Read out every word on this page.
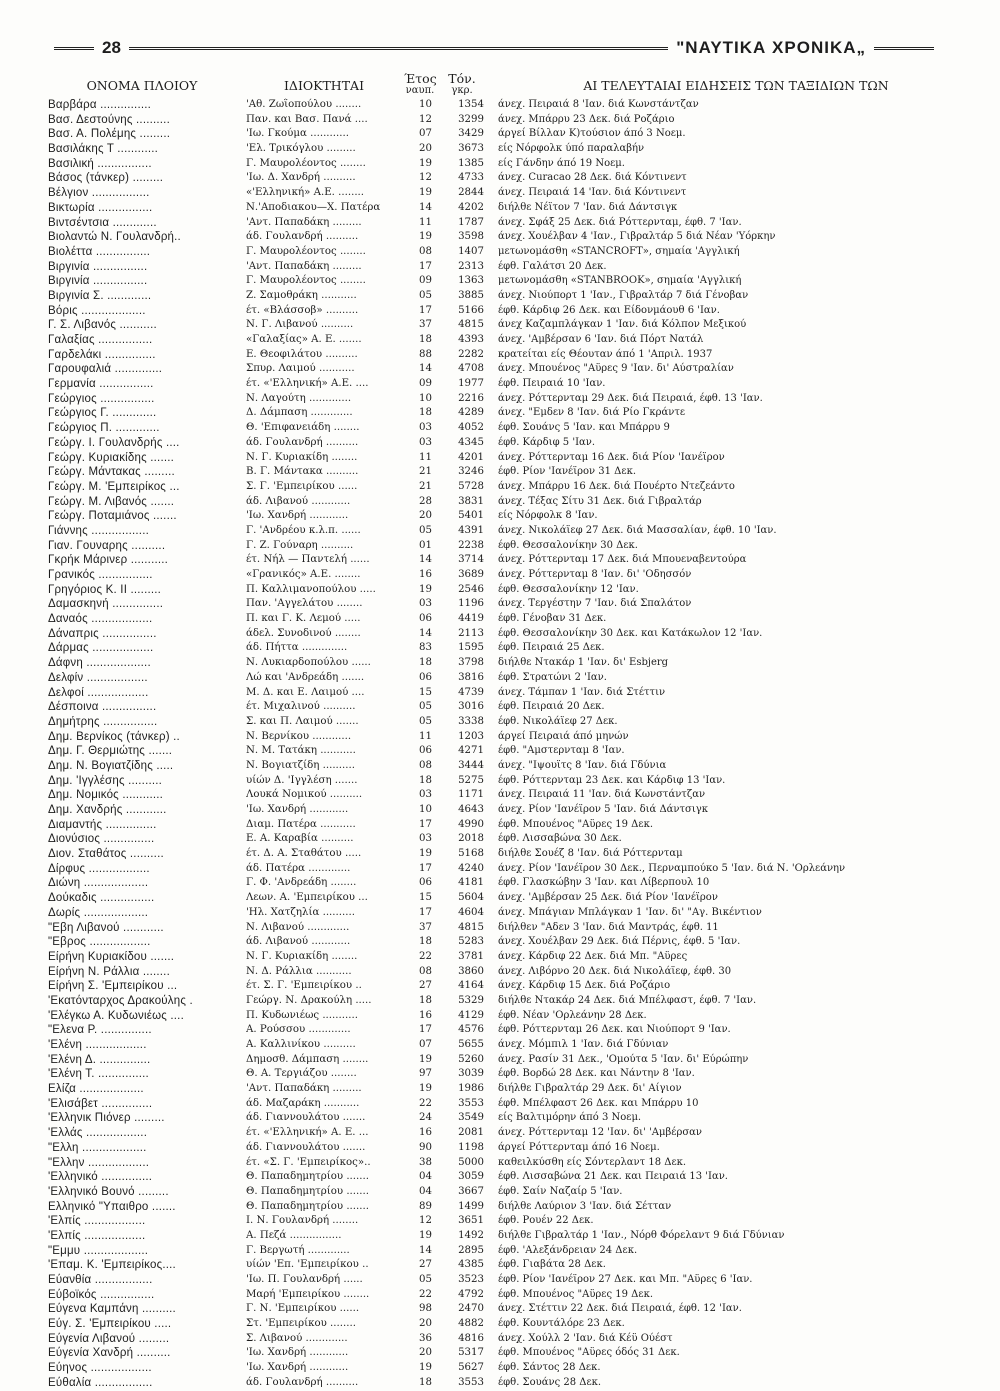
28	"ΝΑΥΤΙΚΑ ΧΡΟΝΙΚΑ„
ΟΝΟΜΑ ΠΛΟΙΟΥ	ΙΔΙΟΚΤΗΤΑΙ	Έτος
ναυπ.
Τόν.
γκρ.	ΑΙ ΤΕΛΕΥΤΑΙΑΙ ΕΙΔΗΣΕΙΣ ΤΩΝ ΤΑΞΙΔΙΩΝ ΤΩΝ
Βαρβάρα ...............	'Αθ. Ζωΐοπούλου ........	10	1354 άνεχ. Πειραιά 8 'Ιαν. διά Κωνστάντζαν
Βασ. Δεστούνης ..........	Παν. και Βασ. Πανά ....	12	3299 άνεχ. Μπάρρυ 23 Δεκ. διά Ροζάριο
Βασ. Α. Πολέμης .........	'Ιω. Γκούμα ............	07	3429 άργεί Βίλλαν Κ)τούσιον άπό 3 Νοεμ.
Βασιλάκης Τ ............	'Ελ. Τρικόγλου .........	20	3673 είς Νόρφολκ ύπό παραλαβήν
Βασιλική ................	Γ. Μαυρολέοντος ........	19	1385 είς Γάνδην άπό 19 Νοεμ.
Βάσος (τάνκερ) .........	'Ιω. Δ. Χανδρή ..........	12	4733 άνεχ. Curacao 28 Δεκ. διά Κόντινεντ
Βέλγιον .................	«'Ελληνική» Α.Ε. ........	19	2844 άνεχ. Πειραιά 14 'Ιαν. διά Κόντινεντ
Βικτωρία ................	Ν.'Αποδιακου—Χ. Πατέρα	14	4202 διήλθε Νέϊτον 7 'Ιαν. διά Δάντσιγκ
Βιντσέντσια .............	'Αντ. Παπαδάκη .........	11	1787 άνεχ. Σφάξ 25 Δεκ. διά Ρόττερνταμ, έφθ. 7 'Ιαν.
Βιολαντώ Ν. Γουλανδρή..	άδ. Γουλανδρή ..........	19	3598 άνεχ. Χουέλβαν 4 'Ιαν., Γιβραλτάρ 5 διά Νέαν 'Υόρκην
Βιολέττα ................	Γ. Μαυρολέοντος ........	08	1407 μετωνομάσθη «STANCROFT», σημαία 'Αγγλική
Βιργινία ................	'Αντ. Παπαδάκη .........	17	2313 έφθ. Γαλάτσι 20 Δεκ.
Βιργινία ................	Γ. Μαυρολέοντος ........	09	1363 μετωνομάσθη «STANBROOK», σημαία 'Αγγλική
Βιργινία Σ. .............	Ζ. Σαμοθράκη ...........	05	3885 άνεχ. Νιούπορτ 1 'Ιαν., Γιβραλτάρ 7 διά Γένοβαν
Βόρις ...................	έτ. «Βλάσσοβ» ..........	17	5166 έφθ. Κάρδιφ 26 Δεκ. και Είδονμάουθ 6 'Ιαν.
Γ. Σ. Λιβανός ...........	Ν. Γ. Λιβανού ..........	37	4815 άνεχ Καζαμπλάγκαν 1 'Ιαν. διά Κόλπον Μεξικού
Γαλαξίας ................	«Γαλαξίας» Α. Ε. .......	18	4393 άνεχ. 'Αμβέρσαν 6 'Ιαν. διά Πόρτ Νατάλ
Γαρδελάκι ...............	Ε. Θεοφιλάτου ..........	88	2282 κρατείται είς Θέουταν άπό 1 'Απριλ. 1937
Γαρουφαλιά ..............	Σπυρ. Λαιμού ...........	14	4708 άνεχ. Μπουένος "Αϋρες 9 'Ιαν. δι' Αύστραλίαν
Γερμανία ................	έτ. «'Ελληνική» Α.Ε. ....	09	1977 έφθ. Πειραιά 10 'Ιαν.
Γεώργιος ................	Ν. Λαγούτη .............	10	2216 άνεχ. Ρόττερνταμ 29 Δεκ. διά Πειραιά, έφθ. 13 'Ιαν.
Γεώργιος Γ. .............	Δ. Δάμπαση .............	18	4289 άνεχ. "Εμδεν 8 'Ιαν. διά Ρίο Γκράντε
Γεώργιος Π. .............	Θ. 'Επιφανειάδη ........	03	4052 έφθ. Σουάνς 5 'Ιαν. και Μπάρρυ 9
Γεώργ. Ι. Γουλανδρής ....	άδ. Γουλανδρή ..........	03	4345 έφθ. Κάρδιφ 5 'Ιαν.
Γεώργ. Κυριακίδης .......	Ν. Γ. Κυριακίδη ........	11	4201 άνεχ. Ρόττερνταμ 16 Δεκ. διά Ρίον 'Ιανέϊρον
Γεώργ. Μάντακας .........	Β. Γ. Μάντακα ..........	21	3246 έφθ. Ρίον 'Ιανέϊρον 31 Δεκ.
Γεώργ. Μ. 'Εμπειρίκος ...	Σ. Γ. 'Εμπειρίκου ......	21	5728 άνεχ. Μπάρρυ 16 Δεκ. διά Πουέρτο Ντεζεάντο
Γεώργ. Μ. Λιβανός .......	άδ. Λιβανού ............	28	3831 άνεχ. Τέξας Σίτυ 31 Δεκ. διά Γιβραλτάρ
Γεώργ. Ποταμιάνος .......	'Ιω. Χανδρή ............	20	5401 είς Νόρφολκ 8 'Ιαν.
Γιάννης .................	Γ. 'Ανδρέου κ.λ.π. ......	05	4391 άνεχ. Νικολάϊεφ 27 Δεκ. διά Μασσαλίαν, έφθ. 10 'Ιαν.
Γιαν. Γουναρης ..........	Γ. Ζ. Γούναρη ..........	01	2238 έφθ. Θεσσαλονίκην 30 Δεκ.
Γκρήκ Μάρινερ ...........	έτ. Νήλ — Παντελή ......	14	3714 άνεχ. Ρόττερνταμ 17 Δεκ. διά Μπουεναβεντούρα
Γρανικός ................	«Γρανικός» Α.Ε. ........	16	3689 άνεχ. Ρόττερνταμ 8 'Ιαν. δι' 'Οδησσόν
Γρηγόριος Κ. ΙΙ .........	Π. Καλλιμανοπούλου .....	19	2546 έφθ. Θεσσαλονίκην 12 'Ιαν.
Δαμασκηνή ...............	Παν. 'Αγγελάτου ........	03	1196 άνεχ. Τεργέστην 7 'Ιαν. διά Σπαλάτον
Δαναός ..................	Π. και Γ. Κ. Λεμού .....	06	4419 έφθ. Γένοβαν 31 Δεκ.
Δάναπρις ................	άδελ. Συνοδινού ........	14	2113 έφθ. Θεσσαλονίκην 30 Δεκ. και Κατάκωλον 12 'Ιαν.
Δάρμας ..................	άδ. Πήττα ..............	83	1595 έφθ. Πειραιά 25 Δεκ.
Δάφνη ...................	Ν. Λυκιαρδοπούλου ......	18	3798 διήλθε Ντακάρ 1 'Ιαν. δι' Esbjerg
Δελφίν ..................	Λώ και 'Ανδρεάδη .......	06	3816 έφθ. Στρατώνι 2 'Ιαν.
Δελφοί ..................	Μ. Δ. και Ε. Λαιμού ....	15	4739 άνεχ. Τάμπαν 1 'Ιαν. διά Στέττιν
Δέσποινα ................	έτ. Μιχαλινού ..........	05	3016 έφθ. Πειραιά 20 Δεκ.
Δημήτρης ................	Σ. και Π. Λαιμού .......	05	3338 έφθ. Νικολάϊεφ 27 Δεκ.
Δημ. Βερνίκος (τάνκερ) ..	Ν. Βερνίκου ............	11	1203 άργεί Πειραιά άπό μηνών
Δημ. Γ. Θερμιώτης .......	Ν. Μ. Τατάκη ...........	06	4271 έφθ. "Αμστερνταμ 8 'Ιαν.
Δημ. Ν. Βογιατζίδης .....	Ν. Βογιατζίδη ..........	08	3444 άνεχ. "Ιψουϊτς 8 'Ιαν. διά Γδύνια
Δημ. 'Ιγγλέσης ..........	υίών Δ. 'Ιγγλέση .......	18	5275 έφθ. Ρόττερνταμ 23 Δεκ. και Κάρδιφ 13 'Ιαν.
Δημ. Νομικός ............	Λουκά Νομικού ..........	03	1171 άνεχ. Πειραιά 11 'Ιαν. διά Κωνστάντζαν
Δημ. Χανδρής ............	'Ιω. Χανδρή ............	10	4643 άνεχ. Ρίον 'Ιανέϊρον 5 'Ιαν. διά Δάντσιγκ
Διαμαντής ...............	Διαμ. Πατέρα ...........	17	4990 έφθ. Μπουένος "Αϋρες 19 Δεκ.
Διονύσιος ...............	Ε. Α. Καραβία ..........	03	2018 έφθ. Λισσαβώνα 30 Δεκ.
Διον. Σταθάτος ..........	έτ. Δ. Α. Σταθάτου .....	19	5168 διήλθε Σουέζ 8 'Ιαν. διά Ρόττερνταμ
Δίρφυς ..................	άδ. Πατέρα .............	17	4240 άνεχ. Ρίον 'Ιανέϊρον 30 Δεκ., Περναμπούκο 5 'Ιαν. διά Ν. 'Ορλεάνην
Διώνη ...................	Γ. Φ. 'Ανδρεάδη ........	06	4181 έφθ. Γλασκώβην 3 'Ιαν. και Λίβερπουλ 10
Δούκαδις ................	Λεων. Α. 'Εμπειρίκου ...	15	5604 άνεχ. 'Αμβέρσαν 25 Δεκ. διά Ρίον 'Ιανέϊρον
Δωρίς ...................	'Ηλ. Χατζηλία ..........	17	4604 άνεχ. Μπάγιαν Μπλάγκαν 1 'Ιαν. δι' "Αγ. Βικέντιον
"Εβη Λιβανού ............	Ν. Λιβανού .............	37	4815 διήλθεν "Αδεν 3 'Ιαν. διά Μαντράς, έφθ. 11
"Εβρος ..................	άδ. Λιβανού ............	18	5283 άνεχ. Χουέλβαν 29 Δεκ. διά Πέρνις, έφθ. 5 'Ιαν.
Είρήνη Κυριακίδου .......	Ν. Γ. Κυριακίδη ........	22	3781 άνεχ. Κάρδιφ 22 Δεκ. διά Μπ. "Αϋρες
Είρήνη Ν. Ράλλια ........	Ν. Δ. Ράλλια ...........	08	3860 άνεχ. Λιβόρνο 20 Δεκ. διά Νικολάϊεφ, έφθ. 30
Είρήνη Σ. 'Εμπειρίκου ...	έτ. Σ. Γ. 'Εμπειρίκου ..	27	4164 άνεχ. Κάρδιφ 15 Δεκ. διά Ροζάριο
'Εκατόνταρχος Δρακούλης .	Γεώργ. Ν. Δρακούλη .....	18	5329 διήλθε Ντακάρ 24 Δεκ. διά Μπέλφαστ, έφθ. 7 'Ιαν.
'Ελέγκω Α. Κυδωνιέως ....	Π. Κυδωνιέως ...........	16	4129 έφθ. Νέαν 'Ορλεάνην 28 Δεκ.
"Ελενα Ρ. ...............	Α. Ρούσσου .............	17	4576 έφθ. Ρόττερνταμ 26 Δεκ. και Νιούπορτ 9 'Ιαν.
'Ελένη ..................	Α. Καλλινίκου ..........	07	5655 άνεχ. Μόμπιλ 1 'Ιαν. διά Γδύνιαν
'Ελένη Δ. ...............	Δημοσθ. Δάμπαση ........	19	5260 άνεχ. Ρασίν 31 Δεκ., 'Ομούτα 5 'Ιαν. δι' Εύρώπην
'Ελένη Τ. ...............	Θ. Α. Τεργιάζου ........	97	3039 έφθ. Βορδώ 28 Δεκ. και Νάντην 8 'Ιαν.
Ελίζα ...................	'Αντ. Παπαδάκη .........	19	1986 διήλθε Γιβραλτάρ 29 Δεκ. δι' Αίγιον
'Ελισάβετ ...............	άδ. Μαζαράκη ...........	22	3553 έφθ. Μπέλφαστ 26 Δεκ. και Μπάρρυ 10
'Ελληνικ Πιόνερ .........	άδ. Γιαννουλάτου .......	24	3549 είς Βαλτιμόρην άπό 3 Νοεμ.
'Ελλάς ..................	έτ. «'Ελληνική» Α. Ε. ...	16	2081 άνεχ. Ρόττερνταμ 12 'Ιαν. δι' 'Αμβέρσαν
"Ελλη ...................	άδ. Γιαννουλάτου .......	90	1198 άργεί Ρόττερνταμ άπό 16 Νοεμ.
"Ελλην ..................	έτ. «Σ. Γ. 'Εμπειρίκος»..	38	5000 καθειλκύσθη είς Σόντερλαντ 18 Δεκ.
'Ελληνικό ...............	Θ. Παπαδημητρίου .......	04	3059 έφθ. Λισσαβώνα 21 Δεκ. και Πειραιά 13 'Ιαν.
'Ελληνικό Βουνό .........	Θ. Παπαδημητρίου .......	04	3667 έφθ. Σαίν Ναζαίρ 5 'Ιαν.
Ελληνικό "Υπαιθρο .......	Θ. Παπαδημητρίου .......	89	1499 διήλθε Λαύριον 3 'Ιαν. διά Σέτταν
'Ελπίς ..................	Ι. Ν. Γουλανδρή ........	12	3651 έφθ. Ρουέν 22 Δεκ.
'Ελπίς ..................	Α. Πεζά ................	19	1492 διήλθε Γιβραλτάρ 1 'Ιαν., Νόρθ Φόρελαντ 9 διά Γδύνιαν
"Εμμυ ...................	Γ. Βεργωτή .............	14	2895 έφθ. 'Αλεξάνδρειαν 24 Δεκ.
'Επαμ. Κ. 'Εμπειρίκος....	υίών 'Επ. 'Εμπειρίκου ..	27	4385 έφθ. Γιαβάτα 28 Δεκ.
Εύανθία .................	'Ιω. Π. Γουλανδρή ......	05	3523 έφθ. Ρίον 'Ιανέϊρον 27 Δεκ. και Μπ. "Αϋρες 6 'Ιαν.
Εύβοϊκός ................	Μαρή 'Εμπειρίκου ........	22	4792 έφθ. Μπουένος "Αϋρες 19 Δεκ.
Εύγενα Καμπάνη ..........	Γ. Ν. 'Εμπειρίκου ......	98	2470 άνεχ. Στέττιν 22 Δεκ. διά Πειραιά, έφθ. 12 'Ιαν.
Εύγ. Σ. 'Εμπειρίκου .....	Στ. 'Εμπειρίκου ........	20	4882 έφθ. Κουντάλόρε 23 Δεκ.
Εύγενία Λιβανού .........	Σ. Λιβανού .............	36	4816 άνεχ. Χούλλ 2 'Ιαν. διά Κέϋ Ούέστ
Εύγενία Χανδρή ..........	'Ιω. Χανδρή ............	20	5317 έφθ. Μπουένος "Αϋρες όδός 31 Δεκ.
Εύηνος ..................	'Ιω. Χανδρή ............	19	5627 έφθ. Σάντος 28 Δεκ.
Εύθαλία .................	άδ. Γουλανδρή ..........	18	3553 έφθ. Σουάνς 28 Δεκ.
